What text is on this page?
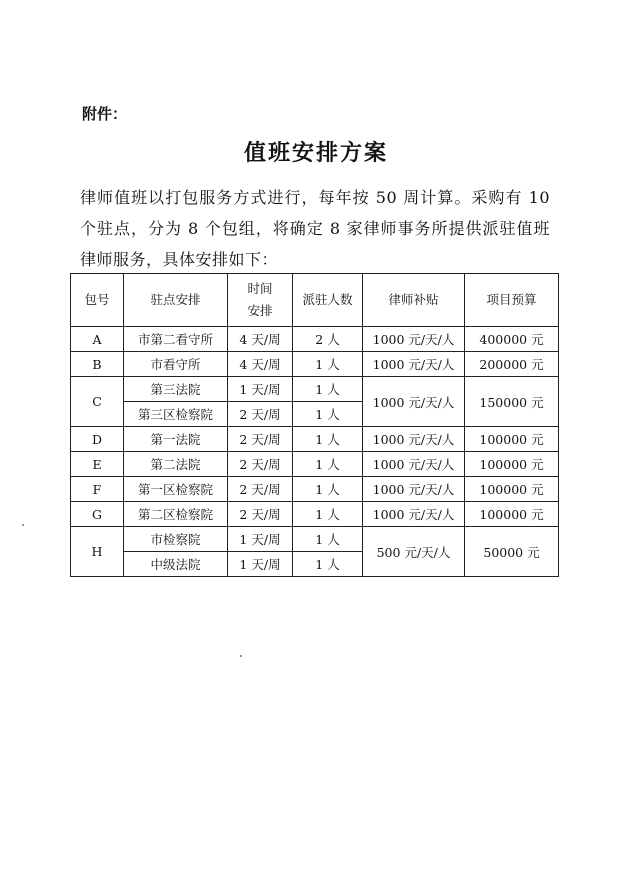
附件：
值班安排方案
律师值班以打包服务方式进行，每年按 50 周计算。采购有 10 个驻点，分为 8 个包组，将确定 8 家律师事务所提供派驻值班律师服务，具体安排如下：
包号	驻点安排	时间安排	派驻人数	律师补贴	项目预算
A	市第二看守所	4 天/周	2 人	1000 元/天/人	400000 元
B	市看守所	4 天/周	1 人	1000 元/天/人	200000 元
C	第三法院	1 天/周	1 人	1000 元/天/人	150000 元
	第三区检察院	2 天/周	1 人		
D	第一法院	2 天/周	1 人	1000 元/天/人	100000 元
E	第二法院	2 天/周	1 人	1000 元/天/人	100000 元
F	第一区检察院	2 天/周	1 人	1000 元/天/人	100000 元
G	第二区检察院	2 天/周	1 人	1000 元/天/人	100000 元
H	市检察院	1 天/周	1 人	500 元/天/人	50000 元
	中级法院	1 天/周	1 人		
